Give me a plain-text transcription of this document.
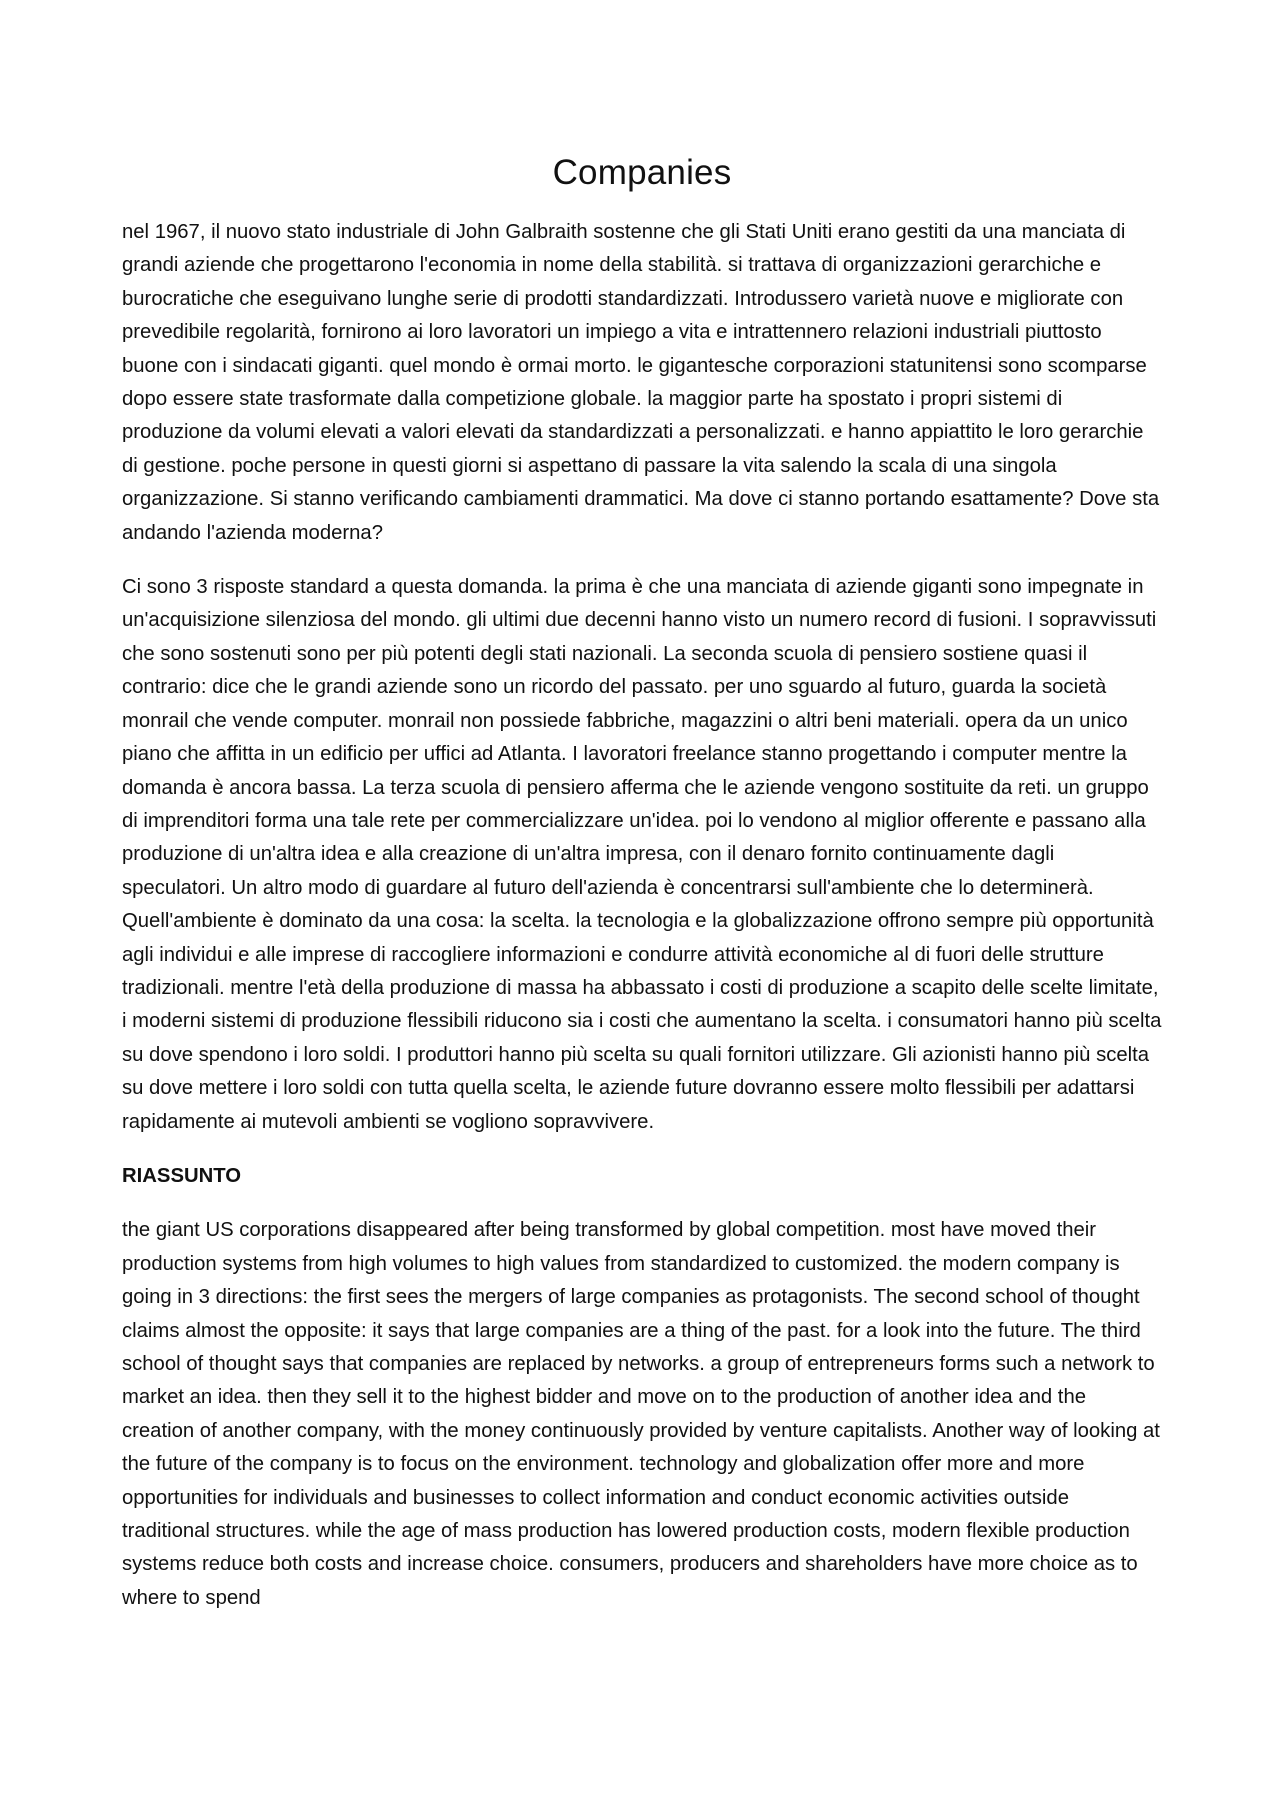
Companies

nel 1967, il nuovo stato industriale di John Galbraith sostenne che gli Stati Uniti erano gestiti da una manciata di grandi aziende che progettarono l'economia in nome della stabilità. si trattava di organizzazioni gerarchiche e burocratiche che eseguivano lunghe serie di prodotti standardizzati. Introdussero varietà nuove e migliorate con prevedibile regolarità, fornirono ai loro lavoratori un impiego a vita e intrattennero relazioni industriali piuttosto buone con i sindacati giganti. quel mondo è ormai morto. le gigantesche corporazioni statunitensi sono scomparse dopo essere state trasformate dalla competizione globale. la maggior parte ha spostato i propri sistemi di produzione da volumi elevati a valori elevati da standardizzati a personalizzati. e hanno appiattito le loro gerarchie di gestione. poche persone in questi giorni si aspettano di passare la vita salendo la scala di una singola organizzazione. Si stanno verificando cambiamenti drammatici. Ma dove ci stanno portando esattamente? Dove sta andando l'azienda moderna?

Ci sono 3 risposte standard a questa domanda. la prima è che una manciata di aziende giganti sono impegnate in un'acquisizione silenziosa del mondo. gli ultimi due decenni hanno visto un numero record di fusioni. I sopravvissuti che sono sostenuti sono per più potenti degli stati nazionali. La seconda scuola di pensiero sostiene quasi il contrario: dice che le grandi aziende sono un ricordo del passato. per uno sguardo al futuro, guarda la società monrail che vende computer. monrail non possiede fabbriche, magazzini o altri beni materiali. opera da un unico piano che affitta in un edificio per uffici ad Atlanta. I lavoratori freelance stanno progettando i computer mentre la domanda è ancora bassa. La terza scuola di pensiero afferma che le aziende vengono sostituite da reti. un gruppo di imprenditori forma una tale rete per commercializzare un'idea. poi lo vendono al miglior offerente e passano alla produzione di un'altra idea e alla creazione di un'altra impresa, con il denaro fornito continuamente dagli speculatori. Un altro modo di guardare al futuro dell'azienda è concentrarsi sull'ambiente che lo determinerà. Quell'ambiente è dominato da una cosa: la scelta. la tecnologia e la globalizzazione offrono sempre più opportunità agli individui e alle imprese di raccogliere informazioni e condurre attività economiche al di fuori delle strutture tradizionali. mentre l'età della produzione di massa ha abbassato i costi di produzione a scapito delle scelte limitate, i moderni sistemi di produzione flessibili riducono sia i costi che aumentano la scelta. i consumatori hanno più scelta su dove spendono i loro soldi. I produttori hanno più scelta su quali fornitori utilizzare. Gli azionisti hanno più scelta su dove mettere i loro soldi con tutta quella scelta, le aziende future dovranno essere molto flessibili per adattarsi rapidamente ai mutevoli ambienti se vogliono sopravvivere.

RIASSUNTO

the giant US corporations disappeared after being transformed by global competition. most have moved their production systems from high volumes to high values from standardized to customized. the modern company is going in 3 directions: the first sees the mergers of large companies as protagonists. The second school of thought claims almost the opposite: it says that large companies are a thing of the past. for a look into the future. The third school of thought says that companies are replaced by networks. a group of entrepreneurs forms such a network to market an idea. then they sell it to the highest bidder and move on to the production of another idea and the creation of another company, with the money continuously provided by venture capitalists. Another way of looking at the future of the company is to focus on the environment. technology and globalization offer more and more opportunities for individuals and businesses to collect information and conduct economic activities outside traditional structures. while the age of mass production has lowered production costs, modern flexible production systems reduce both costs and increase choice. consumers, producers and shareholders have more choice as to where to spend
